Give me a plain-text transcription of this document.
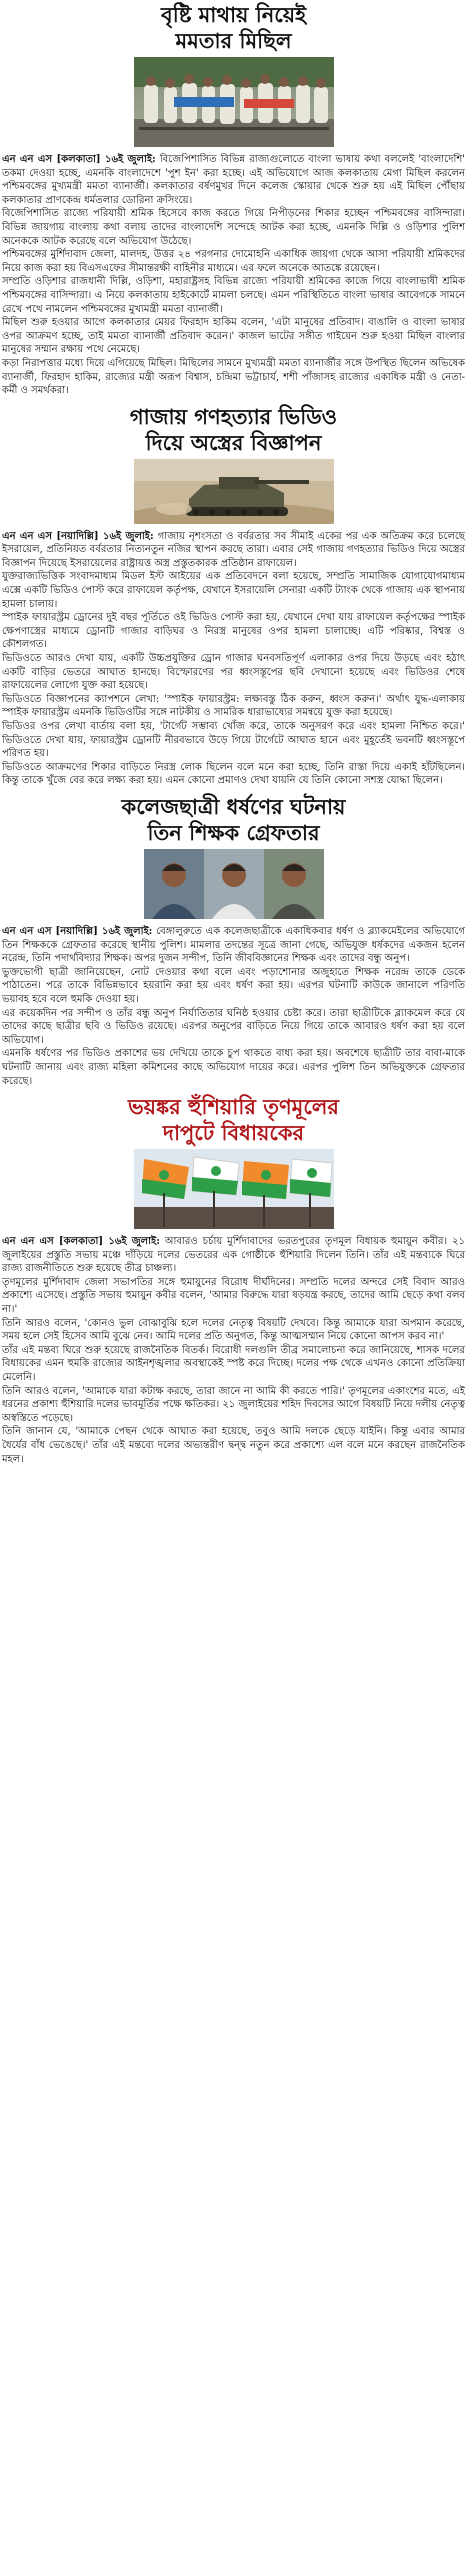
বৃষ্টি মাথায় নিয়েই
মমতার মিছিল

এন এন এস [কলকাতা] ১৬ই জুলাই: বিজেপিশাসিত বিভিন্ন রাজ্যগুলোতে বাংলা ভাষায় কথা বললেই 'বাংলাদেশি' তকমা দেওয়া হচ্ছে, এমনকি বাংলাদেশে 'পুশ ইন' করা হচ্ছে। এই অভিযোগে আজ কলকাতায় মেগা মিছিল করলেন পশ্চিমবঙ্গের মুখ্যমন্ত্রী মমতা ব্যানার্জী। কলকাতার বর্ষণমুখর দিনে কলেজ স্কোয়ার থেকে শুরু হয় এই মিছিল পৌঁছায় কলকাতার প্রাণকেন্দ্র ধর্মতলার ডোরিনা ক্রসিংয়ে।

বিজেপিশাসিত রাজ্যে পরিযায়ী শ্রমিক হিসেবে কাজ করতে গিয়ে নিপীড়নের শিকার হচ্ছেন পশ্চিমবঙ্গের বাসিন্দারা। বিভিন্ন জায়গায় বাংলায় কথা বলায় তাদের বাংলাদেশি সন্দেহে আটক করা হচ্ছে, এমনকি দিল্লি ও ওড়িশার পুলিশ অনেককে আটক করেছে বলে অভিযোগ উঠেছে।

পশ্চিমবঙ্গের মুর্শিদাবাদ জেলা, মালদহ, উত্তর ২৪ পরগনার দোমোহনি একাধিক জায়গা থেকে আসা পরিযায়ী শ্রমিকদের নিয়ে কাজ করা হয় বিএসএফের সীমান্তরক্ষী বাহিনীর মাধ্যমে। এর ফলে অনেকে আতঙ্কে রয়েছেন।

সম্প্রতি ওড়িশার রাজধানী দিল্লি, ওড়িশা, মহারাষ্ট্রসহ বিভিন্ন রাজ্যে পরিযায়ী শ্রমিকের কাজে গিয়ে বাংলাভাষী শ্রমিক পশ্চিমবঙ্গের বাসিন্দারা। এ নিয়ে কলকাতায় হাইকোর্টে মামলা চলছে। এমন পরিস্থিতিতে বাংলা ভাষার আবেগকে সামনে রেখে পথে নামলেন পশ্চিমবঙ্গের মুখ্যমন্ত্রী মমতা ব্যানার্জী।

মিছিল শুরু হওয়ার আগে কলকাতার মেয়র ফিরহাদ হাকিম বলেন, 'এটা মানুষের প্রতিবাদ। বাঙালি ও বাংলা ভাষার ওপর আক্রমণ হচ্ছে, তাই মমতা ব্যানার্জী প্রতিবাদ করেন।' কাজল ভাটের সঙ্গীত গাইয়েন শুরু হওয়া মিছিল বাংলার মানুষের সম্মান রক্ষায় পথে নেমেছে।

কড়া নিরাপত্তার মধ্যে দিয়ে এগিয়েছে মিছিল। মিছিলের সামনে মুখ্যমন্ত্রী মমতা ব্যানার্জীর সঙ্গে উপস্থিত ছিলেন অভিষেক ব্যানার্জী, ফিরহাদ হাকিম, রাজ্যের মন্ত্রী অরূপ বিশ্বাস, চন্দ্রিমা ভট্টাচার্য, শশী পাঁজাসহ রাজ্যের একাধিক মন্ত্রী ও নেতা-কর্মী ও সমর্থকরা।

গাজায় গণহত্যার ভিডিও
দিয়ে অস্ত্রের বিজ্ঞাপন

এন এন এস [নয়াদিল্লি] ১৬ই জুলাই: গাজায় নৃশংসতা ও বর্বরতার সব সীমাই একের পর এক অতিক্রম করে চলেছে ইসরায়েল, প্রতিনিয়ত বর্বরতার নিত্যনতুন নজির স্থাপন করছে তারা। এবার সেই গাজায় গণহত্যার ভিডিও দিয়ে অস্ত্রের বিজ্ঞাপন দিয়েছে ইসরায়েলের রাষ্ট্রায়ত্ত অস্ত্র প্রস্তুতকারক প্রতিষ্ঠান রাফায়েল।

যুক্তরাজ্যভিত্তিক সংবাদমাধ্যম মিডল ইস্ট আইয়ের এক প্রতিবেদনে বলা হয়েছে, সম্প্রতি সামাজিক যোগাযোগমাধ্যম এক্সে একটি ভিডিও পোস্ট করে রাফায়েল কর্তৃপক্ষ, যেখানে ইসরায়েলি সেনারা একটি ট্যাংক থেকে গাজায় এক স্থাপনায় হামলা চালায়।

স্পাইক ফায়ারস্ট্রম ড্রোনের দুই বছর পূর্তিতে ওই ভিডিও পোস্ট করা হয়, যেখানে দেখা যায় রাফায়েল কর্তৃপক্ষের স্পাইক ক্ষেপণাস্ত্রের মাধ্যমে ড্রোনটি গাজার বাড়িঘর ও নিরস্ত্র মানুষের ওপর হামলা চালাচ্ছে। এটি পরিষ্কার, বিশ্বস্ত ও কৌশলগত।

ভিডিওতে আরও দেখা যায়, একটি উচ্চপ্রযুক্তির ড্রোন গাজার ঘনবসতিপূর্ণ এলাকার ওপর দিয়ে উড়ছে এবং হঠাৎ একটি বাড়ির ভেতরে আঘাত হানছে। বিস্ফোরণের পর ধ্বংসস্তূপের ছবি দেখানো হয়েছে এবং ভিডিওর শেষে রাফায়েলের লোগো যুক্ত করা হয়েছে।

ভিডিওতে বিজ্ঞাপনের ক্যাপশনে লেখা: 'স্পাইক ফায়ারস্ট্রম: লক্ষ্যবস্তু ঠিক করুন, ধ্বংস করুন।' অর্থাৎ যুদ্ধ-এলাকায় স্পাইক ফায়ারস্ট্রম এমনকি ভিডিওটির সঙ্গে নাটকীয় ও সামরিক ধারাভাষ্যের সমন্বয়ে যুক্ত করা হয়েছে।

ভিডিওর ওপর লেখা বার্তায় বলা হয়, 'টার্গেট সম্ভাব্য খোঁজ করে, তাকে অনুসরণ করে এবং হামলা নিশ্চিত করে।' ভিডিওতে দেখা যায়, ফায়ারস্ট্রম ড্রোনটি নীরবভাবে উড়ে গিয়ে টার্গেটে আঘাত হানে এবং মুহূর্তেই ভবনটি ধ্বংসস্তূপে পরিণত হয়।

ভিডিওতে আক্রমণের শিকার বাড়িতে নিরস্ত্র লোক ছিলেন বলে মনে করা হচ্ছে, তিনি রাস্তা দিয়ে একাই হাঁটছিলেন। কিন্তু তাকে খুঁজে বের করে লক্ষ্য করা হয়। এমন কোনো প্রমাণও দেখা যায়নি যে তিনি কোনো সশস্ত্র যোদ্ধা ছিলেন।

কলেজছাত্রী ধর্ষণের ঘটনায়
তিন শিক্ষক গ্রেফতার

এন এন এস [নয়াদিল্লি] ১৬ই জুলাই: বেঙ্গালুরুতে এক কলেজছাত্রীকে একাধিকবার ধর্ষণ ও ব্ল্যাকমেইলের অভিযোগে তিন শিক্ষককে গ্রেফতার করেছে স্থানীয় পুলিশ। মামলার তদন্তের সূত্রে জানা গেছে, অভিযুক্ত ধর্ষকদের একজন হলেন নরেন্দ্র, তিনি পদার্থবিদ্যার শিক্ষক। অপর দুজন সন্দীপ, তিনি জীববিজ্ঞানের শিক্ষক এবং তাদের বন্ধু অনুপ।

ভুক্তভোগী ছাত্রী জানিয়েছেন, নোট দেওয়ার কথা বলে এবং পড়াশোনার অজুহাতে শিক্ষক নরেন্দ্র তাকে ডেকে পাঠাতেন। পরে তাকে বিভিন্নভাবে হয়রানি করা হয় এবং ধর্ষণ করা হয়। এরপর ঘটনাটি কাউকে জানালে পরিণতি ভয়াবহ হবে বলে হুমকি দেওয়া হয়।

এর কয়েকদিন পর সন্দীপ ও তাঁর বন্ধু অনুপ নির্যাতিতার ঘনিষ্ঠ হওয়ার চেষ্টা করে। তারা ছাত্রীটিকে ব্ল্যাকমেল করে যে তাদের কাছে ছাত্রীর ছবি ও ভিডিও রয়েছে। এরপর অনুপের বাড়িতে নিয়ে গিয়ে তাকে আবারও ধর্ষণ করা হয় বলে অভিযোগ।

এমনকি ধর্ষণের পর ভিডিও প্রকাশের ভয় দেখিয়ে তাকে চুপ থাকতে বাধ্য করা হয়। অবশেষে ছাত্রীটি তার বাবা-মাকে ঘটনাটি জানায় এবং রাজ্য মহিলা কমিশনের কাছে অভিযোগ দায়ের করে। এরপর পুলিশ তিন অভিযুক্তকে গ্রেফতার করেছে।

ভয়ঙ্কর হুঁশিয়ারি তৃণমূলের
দাপুটে বিধায়কের

এন এন এস [কলকাতা] ১৬ই জুলাই: আবারও চর্চায় মুর্শিদাবাদের ভরতপুরের তৃণমূল বিধায়ক হুমায়ুন কবীর। ২১ জুলাইয়ের প্রস্তুতি সভায় মঞ্চে দাঁড়িয়ে দলের ভেতরের এক গোষ্ঠীকে হুঁশিয়ারি দিলেন তিনি। তাঁর এই মন্তব্যকে ঘিরে রাজ্য রাজনীতিতে শুরু হয়েছে তীব্র চাঞ্চল্য।

তৃণমূলের মুর্শিদাবাদ জেলা সভাপতির সঙ্গে হুমায়ুনের বিরোধ দীর্ঘদিনের। সম্প্রতি দলের অন্দরে সেই বিবাদ আরও প্রকাশ্যে এসেছে। প্রস্তুতি সভায় হুমায়ুন কবীর বলেন, 'আমার বিরুদ্ধে যারা ষড়যন্ত্র করছে, তাদের আমি ছেড়ে কথা বলব না।'

তিনি আরও বলেন, 'কোনও ভুল বোঝাবুঝি হলে দলের নেতৃত্ব বিষয়টি দেখবে। কিন্তু আমাকে যারা অপমান করেছে, সময় হলে সেই হিসেব আমি বুঝে নেব। আমি দলের প্রতি অনুগত, কিন্তু আত্মসম্মান নিয়ে কোনো আপস করব না।'

তাঁর এই মন্তব্য ঘিরে শুরু হয়েছে রাজনৈতিক বিতর্ক। বিরোধী দলগুলি তীব্র সমালোচনা করে জানিয়েছে, শাসক দলের বিধায়কের এমন হুমকি রাজ্যের আইনশৃঙ্খলার অবস্থাকেই স্পষ্ট করে দিচ্ছে। দলের পক্ষ থেকে এখনও কোনো প্রতিক্রিয়া মেলেনি।

তিনি আরও বলেন, 'আমাকে যারা কটাক্ষ করছে, তারা জানে না আমি কী করতে পারি।' তৃণমূলের একাংশের মতে, এই ধরনের প্রকাশ্য হুঁশিয়ারি দলের ভাবমূর্তির পক্ষে ক্ষতিকর। ২১ জুলাইয়ের শহিদ দিবসের আগে বিষয়টি নিয়ে দলীয় নেতৃত্ব অস্বস্তিতে পড়েছে।

তিনি জানান যে, 'আমাকে পেছন থেকে আঘাত করা হয়েছে, তবুও আমি দলকে ছেড়ে যাইনি। কিন্তু এবার আমার ধৈর্যের বাঁধ ভেঙেছে।' তাঁর এই মন্তব্যে দলের অভ্যন্তরীণ দ্বন্দ্ব নতুন করে প্রকাশ্যে এল বলে মনে করছেন রাজনৈতিক মহল।
